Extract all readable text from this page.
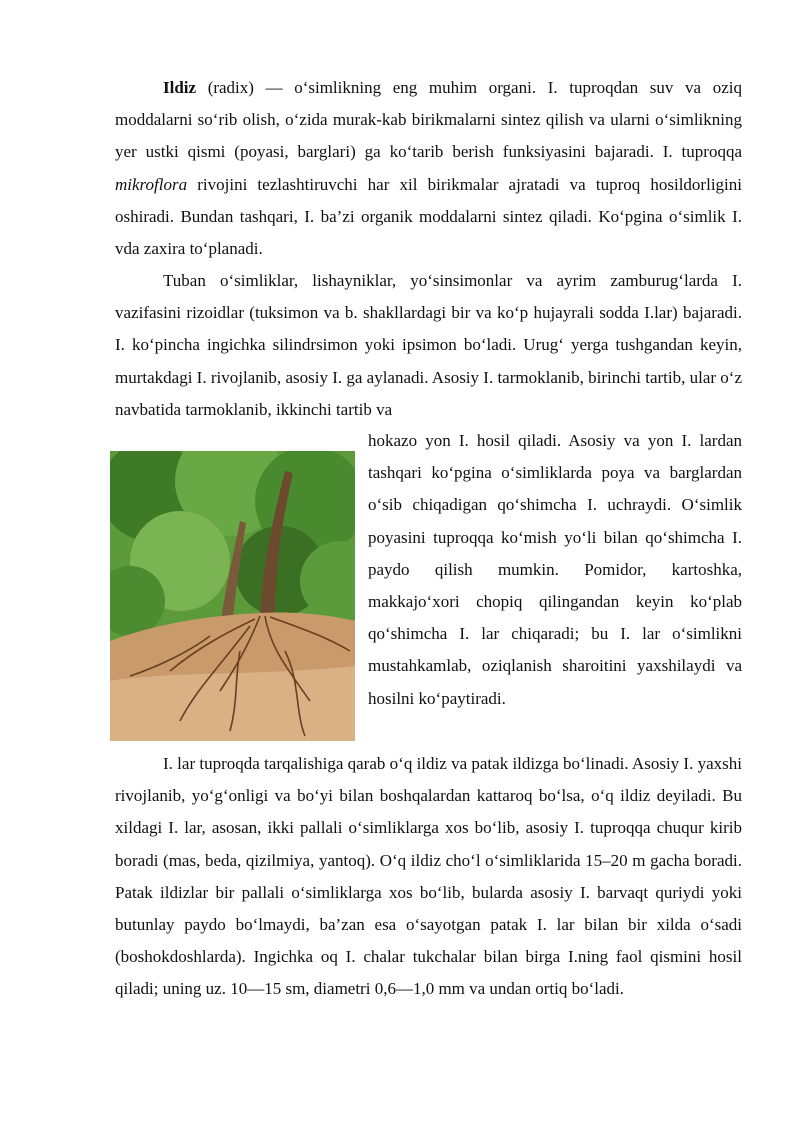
Ildiz (radix) — o‘simlikning eng muhim organi. I. tuproqdan suv va oziq moddalarni so‘rib olish, o‘zida murak-kab birikmalarni sintez qilish va ularni o‘simlikning yer ustki qismi (poyasi, barglari) ga ko‘tarib berish funksiyasini bajaradi. I. tuproqqa mikroflora rivojini tezlashtiruvchi har xil birikmalar ajratadi va tuproq hosildorligini oshiradi. Bundan tashqari, I. ba’zi organik moddalarni sintez qiladi. Ko‘pgina o‘simlik I. vda zaxira to‘planadi.

Tuban o‘simliklar, lishayniklar, yo‘sinsimonlar va ayrim zamburug‘larda I. vazifasini rizoidlar (tuksimon va b. shakllardagi bir va ko‘p hujayrali sodda I.lar) bajaradi. I. ko‘pincha ingichka silindrsimon yoki ipsimon bo‘ladi. Urug‘ yerga tushgandan keyin, murtakdagi I. rivojlanib, asosiy I. ga aylanadi. Asosiy I. tarmoklanib, birinchi tartib, ular o‘z navbatida tarmoklanib, ikkinchi tartib va

hokazo yon I. hosil qiladi. Asosiy va yon I. lardan tashqari ko‘pgina o‘simliklarda poya va barglardan o‘sib chiqadigan qo‘shimcha I. uchraydi. O‘simlik poyasini tuproqqa ko‘mish yo‘li bilan qo‘shimcha I. paydo qilish mumkin. Pomidor, kartoshka, makkajo‘xori chopiq qilingandan keyin ko‘plab qo‘shimcha I. lar chiqaradi; bu I. lar o‘simlikni mustahkamlab, oziqlanish sharoitini yaxshilaydi va hosilni ko‘paytiradi.

I. lar tuproqda tarqalishiga qarab o‘q ildiz va patak ildizga bo‘linadi. Asosiy I. yaxshi rivojlanib, yo‘g‘onligi va bo‘yi bilan boshqalardan kattaroq bo‘lsa, o‘q ildiz deyiladi. Bu xildagi I. lar, asosan, ikki pallali o‘simliklarga xos bo‘lib, asosiy I. tuproqqa chuqur kirib boradi (mas, beda, qizilmiya, yantoq). O‘q ildiz cho‘l o‘simliklarida 15–20 m gacha boradi. Patak ildizlar bir pallali o‘simliklarga xos bo‘lib, bularda asosiy I. barvaqt quriydi yoki butunlay paydo bo‘lmaydi, ba’zan esa o‘sayotgan patak I. lar bilan bir xilda o‘sadi (boshokdoshlarda). Ingichka oq I. chalar tukchalar bilan birga I.ning faol qismini hosil qiladi; uning uz. 10—15 sm, diametri 0,6—1,0 mm va undan ortiq bo‘ladi.
